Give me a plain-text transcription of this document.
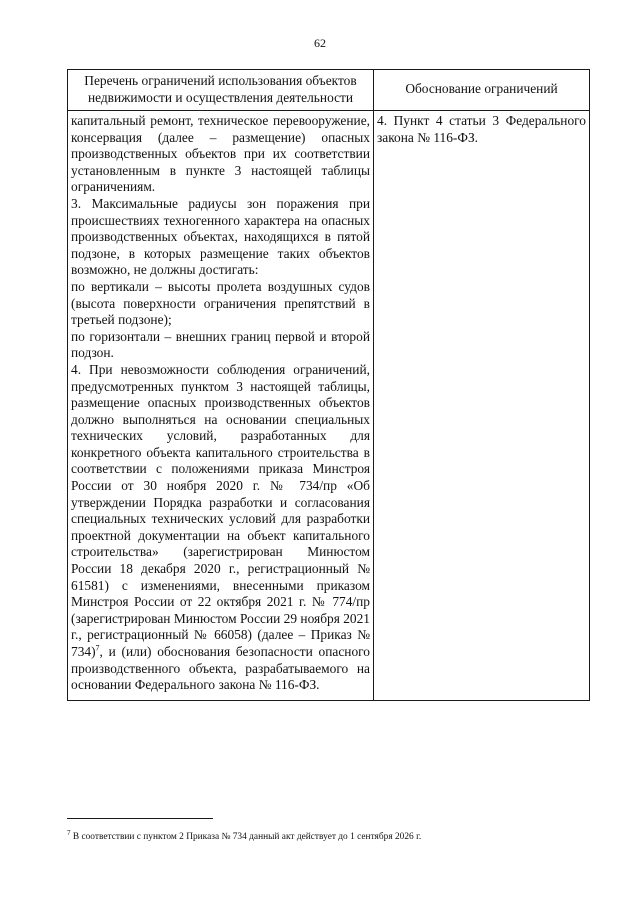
62
Перечень ограничений использования объектов недвижимости и осуществления деятельности	Обоснование ограничений

капитальный ремонт, техническое перевооружение, консервация (далее – размещение) опасных производственных объектов при их соответствии установленным в пункте 3 настоящей таблицы ограничениям.

3. Максимальные радиусы зон поражения при происшествиях техногенного характера на опасных производственных объектах, находящихся в пятой подзоне, в которых размещение таких объектов возможно, не должны достигать:

по вертикали – высоты пролета воздушных судов (высота поверхности ограничения препятствий в третьей подзоне);

по горизонтали – внешних границ первой и второй подзон.

4. При невозможности соблюдения ограничений, предусмотренных пунктом 3 настоящей таблицы, размещение опасных производственных объектов должно выполняться на основании специальных технических условий, разработанных для конкретного объекта капитального строительства в соответствии с положениями приказа Минстроя России от 30 ноября 2020 г. № 734/пр «Об утверждении Порядка разработки и согласования специальных технических условий для разработки проектной документации на объект капитального строительства» (зарегистрирован Минюстом России 18 декабря 2020 г., регистрационный № 61581) с изменениями, внесенными приказом Минстроя России от 22 октября 2021 г. № 774/пр (зарегистрирован Минюстом России 29 ноября 2021 г., регистрационный № 66058) (далее – Приказ № 734)$^7$, и (или) обоснования безопасности опасного производственного объекта, разрабатываемого на основании Федерального закона № 116-ФЗ.	4. Пункт 4 статьи 3 Федерального закона № 116-ФЗ.

$^7$ В соответствии с пунктом 2 Приказа № 734 данный акт действует до 1 сентября 2026 г.
